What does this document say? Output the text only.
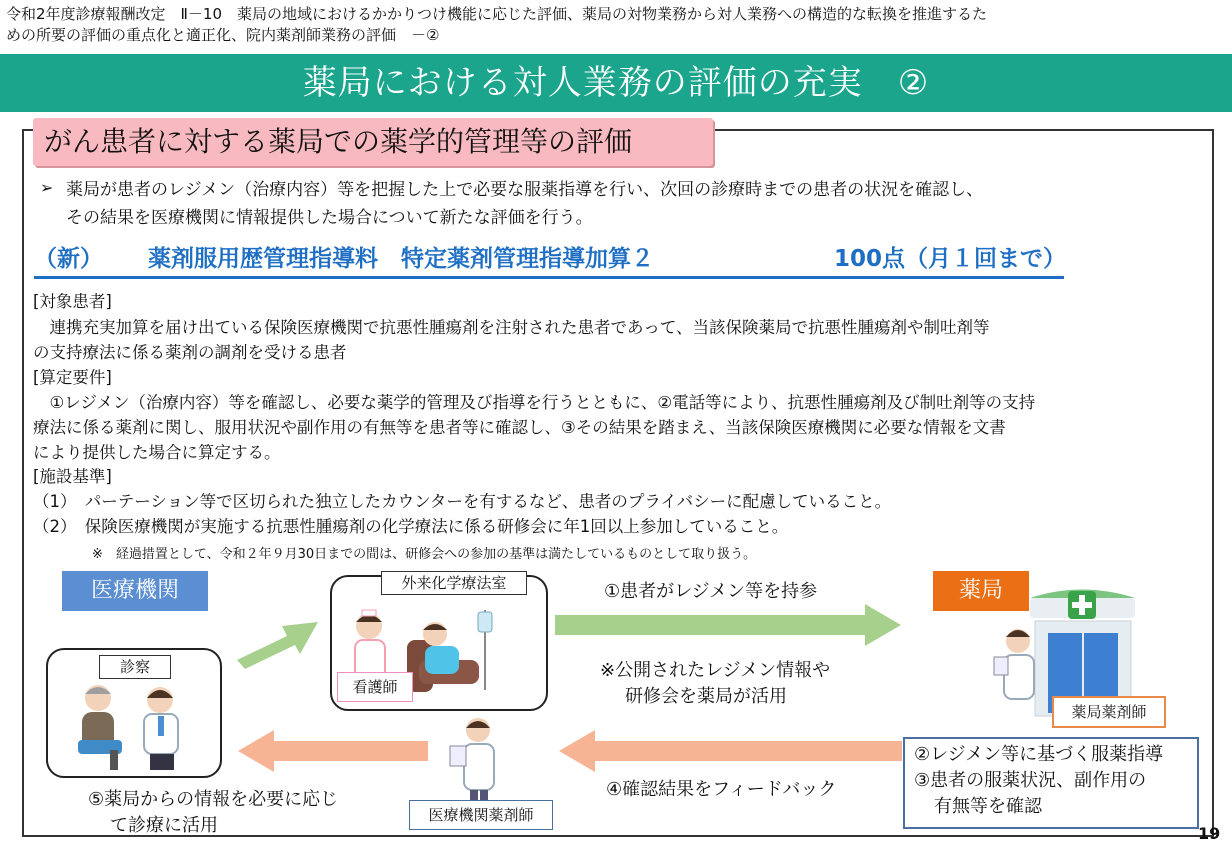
令和2年度診療報酬改定　Ⅱ－10　薬局の地域におけるかかりつけ機能に応じた評価、薬局の対物業務から対人業務への構造的な転換を推進するた
めの所要の評価の重点化と適正化、院内薬剤師業務の評価　－②
薬局における対人業務の評価の充実　②
がん患者に対する薬局での薬学的管理等の評価
➢ 薬局が患者のレジメン（治療内容）等を把握した上で必要な服薬指導を行い、次回の診療時までの患者の状況を確認し、
その結果を医療機関に情報提供した場合について新たな評価を行う。
（新） 薬剤服用歴管理指導料　特定薬剤管理指導加算２	100点（月１回まで）
[対象患者]
　連携充実加算を届け出ている保険医療機関で抗悪性腫瘍剤を注射された患者であって、当該保険薬局で抗悪性腫瘍剤や制吐剤等
の支持療法に係る薬剤の調剤を受ける患者
[算定要件]
　①レジメン（治療内容）等を確認し、必要な薬学的管理及び指導を行うとともに、②電話等により、抗悪性腫瘍剤及び制吐剤等の支持
療法に係る薬剤に関し、服用状況や副作用の有無等を患者等に確認し、③その結果を踏まえ、当該保険医療機関に必要な情報を文書
により提供した場合に算定する。
[施設基準]
（1）　パーテーション等で区切られた独立したカウンターを有するなど、患者のプライバシーに配慮していること。
（2）　保険医療機関が実施する抗悪性腫瘍剤の化学療法に係る研修会に年1回以上参加していること。
※　経過措置として、令和２年９月30日までの間は、研修会への参加の基準は満たしているものとして取り扱う。
医療機関	薬局
診察
外来化学療法室
看護師
①患者がレジメン等を持参
※公開されたレジメン情報や
研修会を薬局が活用
薬局薬剤師
②レジメン等に基づく服薬指導
③患者の服薬状況、副作用の
有無等を確認
④確認結果をフィードバック
医療機関薬剤師
⑤薬局からの情報を必要に応じ
て診療に活用	19
